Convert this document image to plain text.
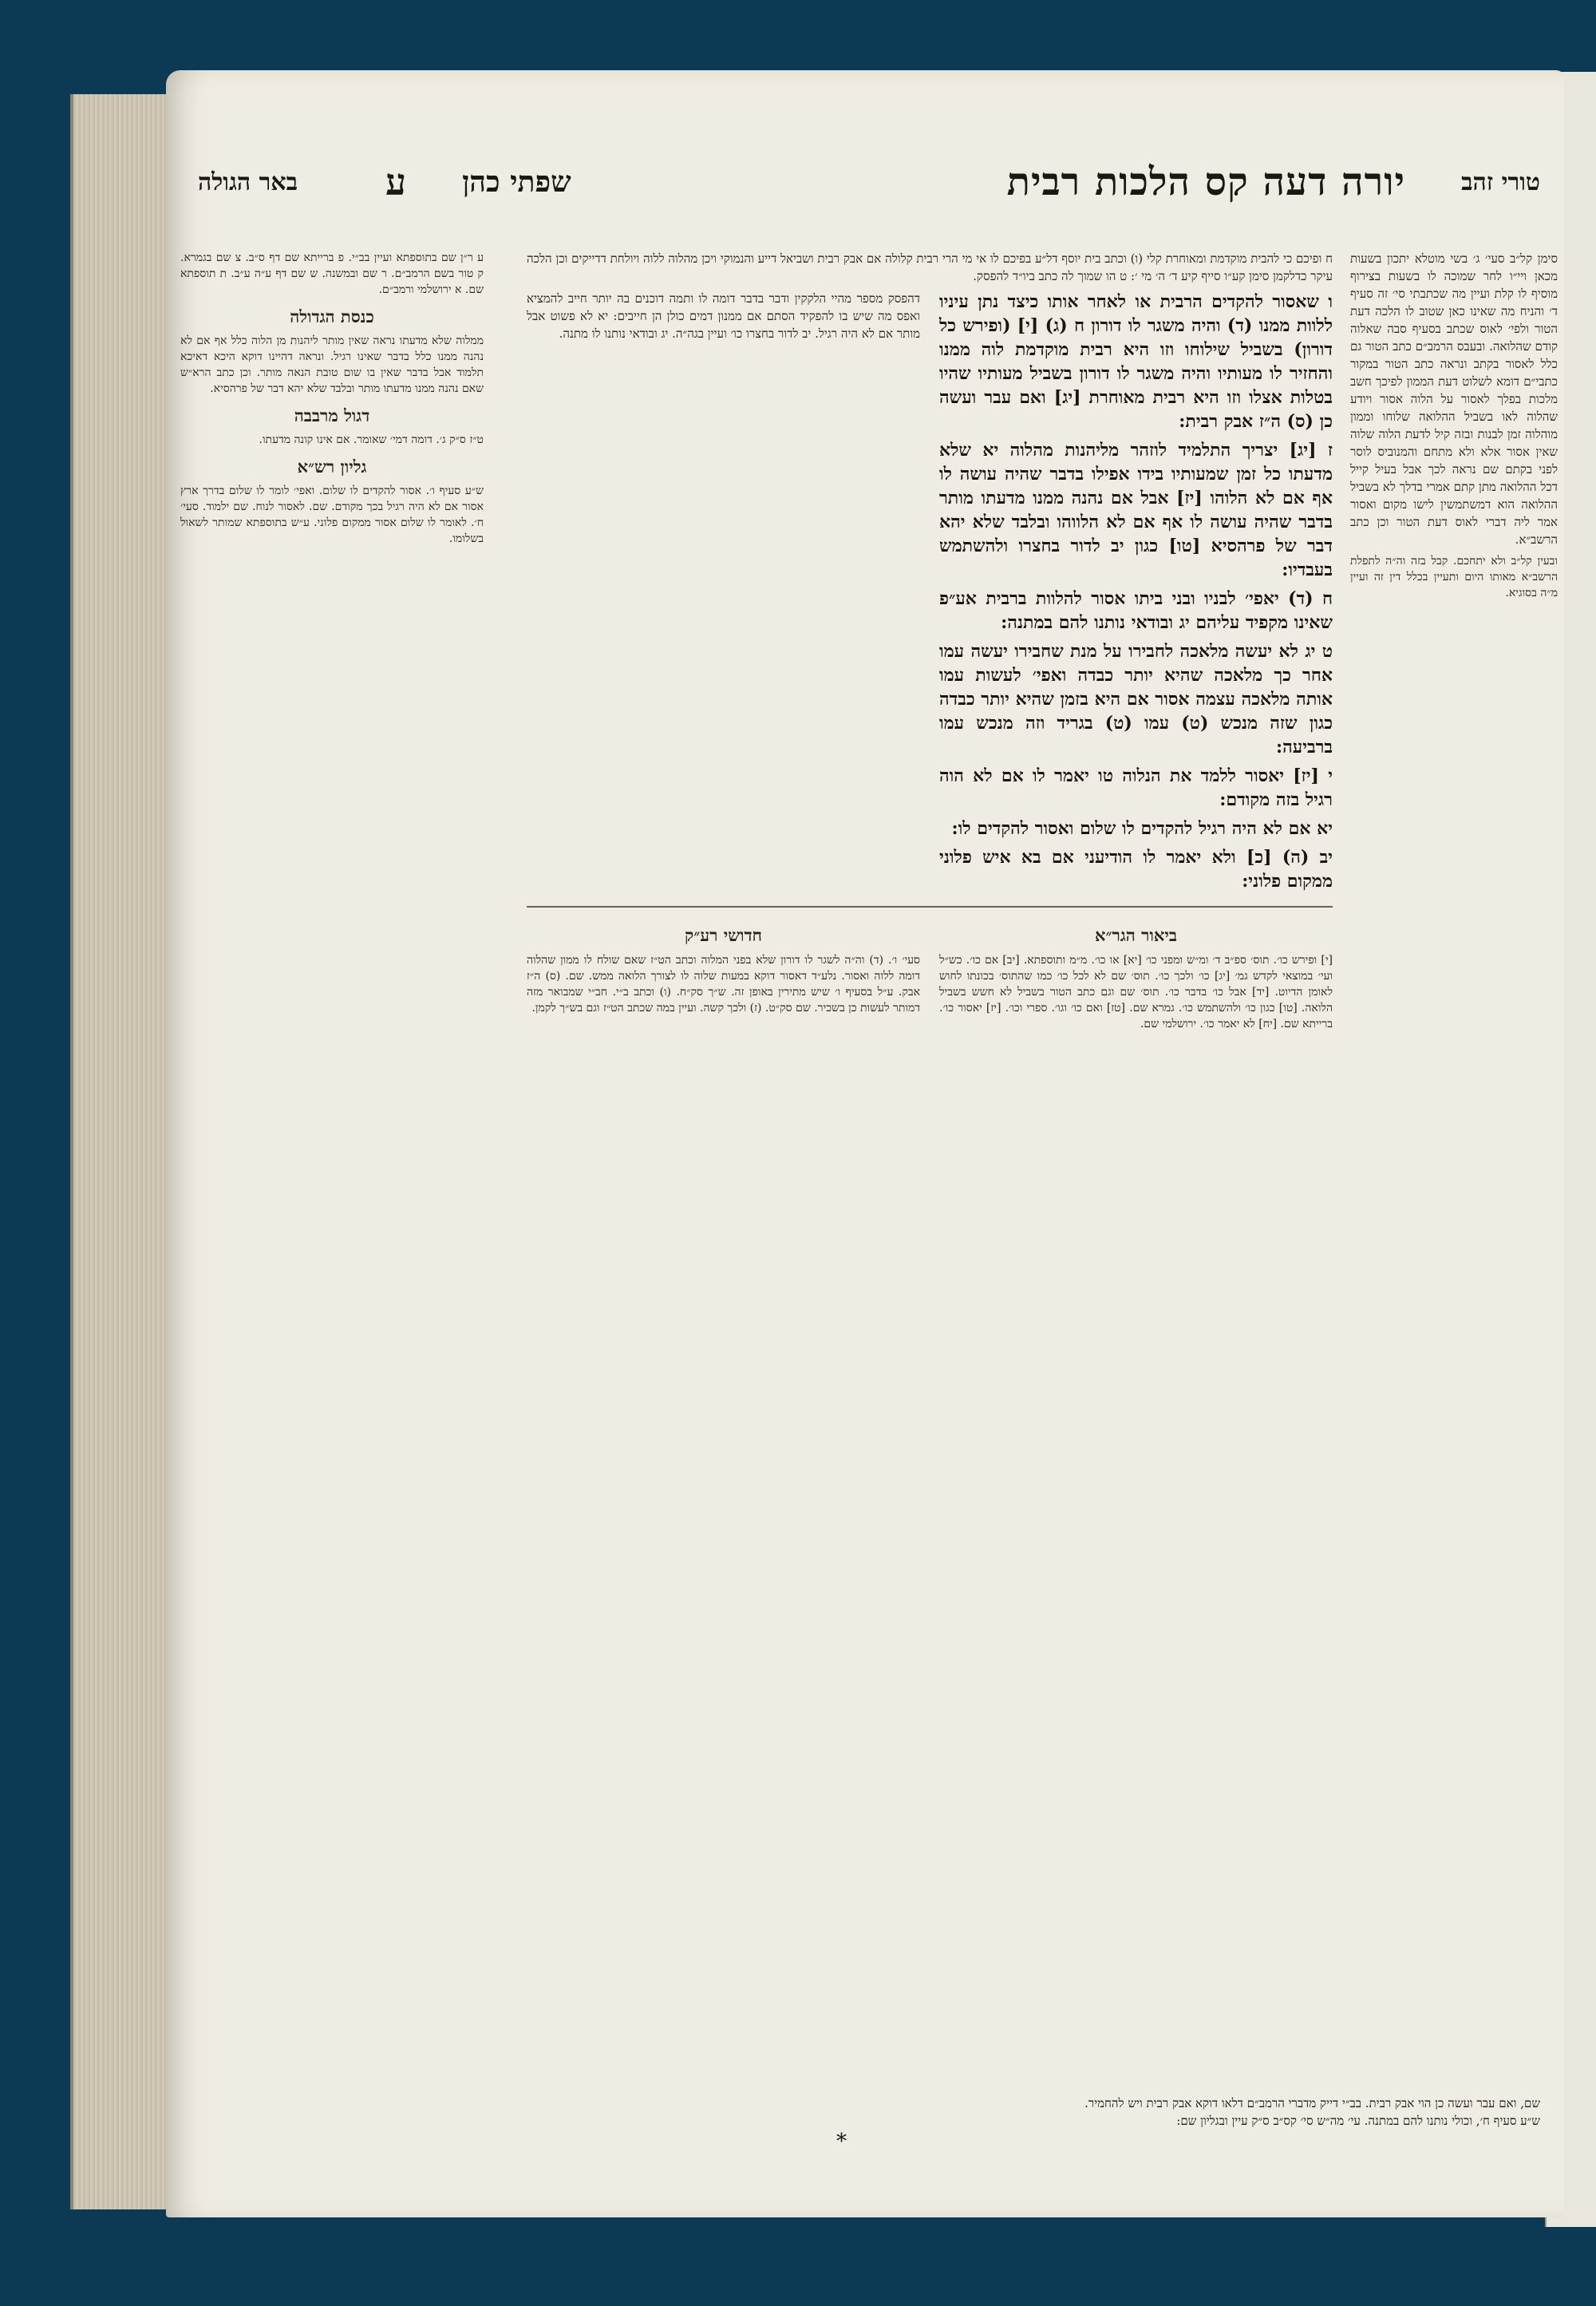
טורי זהב
יורה דעה קס הלכות רבית
שפתי כהן
ע
באר הגולה

סימן קל״ב סעי׳ ג׳ בשי מוטלא יתכון בשעות מכאן ויי״ו לחר שמוכה לו בשעות בצירוף מוסיף לו קלת ועיין מה שכתבתי סי׳ זה סעיף ד׳ והניח מה שאינו כאן שטוב לו הלכה דעת הטור ולפי׳ לאוס שכתב בסעיף סבה שאלוה קודם שהלואה. ובעבס הרמב״ם כתב הטור גם כלל לאסור בקתב ונראה כתב הטור במקור כתבי״ם דומא לשלוט דעת הממון לפיכך חשב מלכות בפלך לאסור על הלוה אסור ויודע שהלוה לאו בשביל ההלואה שלוחו וממון מוהלוה זמן לבנות ובזה קיל לדעת הלוה שלוה שאין אסור אלא ולא מתחם והמנוביס לוסר לפני בקתם שם נראה לכך אבל בעיל קייל דכל ההלואה מתן קתם אמרי בדלך לא בשביל ההלואה הוא דמשתמשין לישו מקום ואסור אמר ליה דברי לאוס דעת הטור וכן כתב הרשב״א.

ובעין קל״ב ולא יתחכם. קבל בזה וה״ה לתפלת הרשב״א מאותו היום ותעיין בכלל דין זה ועיין מ״ה בסוגיא.

ח ופיכם כי להבית מוקדמת ומאוחרת קלי (ו) וכתב בית יוסף דל״ע בפיכם לו אי מי הרי רבית קלולה אם אבק רבית ושביאל דייע והנמוקי ויכן מהלוה ללוה ויולחת דדייקים וכן הלכה עיקר כדלקמן סימן קע״ו סייף קיע ד׳ ה׳ מי ׳: ט הו שמוך לה כתב ביו״ד להפסק.

ו שאסור להקדים הרבית או לאחר אותו כיצד נתן עיניו ללוות ממנו (ד) והיה משגר לו דורון ח (ג) [י] (ופירש כל דורון) בשביל שילוחו וזו היא רבית מוקדמת לוה ממנו והחזיר לו מעותיו והיה משגר לו דורון בשביל מעותיו שהיו בטלות אצלו וזו היא רבית מאוחרת [יג] ואם עבר ועשה כן (ס) ה״ז אבק רבית:

ז [יג] יצריך התלמיד לוזהר מליהנות מהלוה יא שלא מדעתו כל זמן שמעותיו בידו אפילו בדבר שהיה עושה לו אף אם לא הלוהו [יז] אבל אם נהנה ממנו מדעתו מותר בדבר שהיה עושה לו אף אם לא הלווהו ובלבד שלא יהא דבר של פרהסיא [טו] כגון יב לדור בחצרו ולהשתמש בעבדיו:

ח (ד) יאפי׳ לבניו ובני ביתו אסור להלוות ברבית אע״פ שאינו מקפיד עליהם יג ובודאי נותנו להם במתנה:

ט יג לא יעשה מלאכה לחבירו על מנת שחבירו יעשה עמו אחר כך מלאכה שהיא יותר כבדה ואפי׳ לעשות עמו אותה מלאכה עצמה אסור אם היא בזמן שהיא יותר כבדה כגון שזה מנכש (ט) עמו (ט) בגריד וזה מנכש עמו ברביעה:

י [יז] יאסור ללמד את הנלוה טו יאמר לו אם לא הוה רגיל בזה מקודם:

יא אם לא היה רגיל להקדים לו שלום ואסור להקדים לו:

יב (ה) [כ] ולא יאמר לו הודיעני אם בא איש פלוני ממקום פלוני:

דהפסק מספר מהיי הלקקין ודבר בדבר דומה לו ותמה דוכנים בה יותר חייב להמציא ואפס מה שיש בו להפקיד הסתם אם ממנון דמים כולן הן חייבים: יא לא פשוט אבל מותר אם לא היה רגיל. יב לדור בחצרו כו׳ ועיין בגה״ה. יג ובודאי נותנו לו מתנה.

ביאור הגר״א

[י] ופירש כו׳. תוס׳ ספ״ב ד׳ ומ״ש ומפני כו׳ [יא] או כו׳. מ״מ ותוספתא. [יב] אם כו׳. כש״ל ועי׳ במוצאי לקדש גמ׳ [יג] כו׳ ולכך כו׳. תוס׳ שם לא לכל כו׳ כמו שהתוס׳ בכונתו לחוש לאומן הדיוט. [יד] אבל כו׳ בדבר כו׳. תוס׳ שם וגם כתב הטור בשביל לא חשש בשביל הלואה. [טו] כגון כו׳ ולהשתמש כו׳. גמרא שם. [טז] ואם כו׳ וגו׳. ספרי וכו׳. [יז] יאסור כו׳. ברייתא שם. [יח] לא יאמר כו׳. ירושלמי שם.

חדושי רע״ק

סעי׳ ו׳. (ד) וה״ה לשגר לו דורון שלא בפני המלוה וכתב הט״ז שאם שולח לו ממון שהלוה דומה ללוה ואסור. נלע״ד דאסור דוקא במעות שלוה לו לצורך הלואה ממש. שם. (ס) ה״ז אבק. ע״ל בסעיף ו׳ שיש מתירין באופן זה. ש״ך סק״ח. (ו) וכתב ב״י. חב״י שמבואר מזה דמותר לעשות כן בשכיר. שם סק״ט. (ז) ולכך קשה. ועיין במה שכתב הט״ז וגם בש״ך לקמן.

ע ר״ן שם בתוספתא ועיין בב״י. פ ברייתא שם דף ס״ב. צ שם בגמרא. ק טור בשם הרמב״ם. ר שם ובמשנה. ש שם דף ע״ה ע״ב. ת תוספתא שם. א ירושלמי ורמב״ם.

כנסת הגדולה

ממלוה שלא מדעתו נראה שאין מותר ליהנות מן הלוה כלל אף אם לא נהנה ממנו כלל בדבר שאינו רגיל. ונראה דהיינו דוקא היכא דאיכא תלמוד אבל בדבר שאין בו שום טובת הנאה מותר. וכן כתב הרא״ש שאם נהנה ממנו מדעתו מותר ובלבד שלא יהא דבר של פרהסיא.

דגול מרבבה

ט״ז ס״ק ג׳. דומה דמי׳ שאומר. אם אינו קונה מדעתו.

גליון רש״א

ש״ע סעיף ו׳. אסור להקדים לו שלום. ואפי׳ לומר לו שלום בדרך ארץ אסור אם לא היה רגיל בכך מקודם. שם. לאסור לנוח. שם ילמוד. סעי׳ ח׳. לאומר לו שלום אסור ממקום פלוני. ע״ש בתוספתא שמותר לשאול בשלומו.

שם, ואם עבר ועשה כן הוי אבק רבית. בב״י דייק מדברי הרמב״ם דלאו דוקא אבק רבית ויש להחמיר.
ש״ע סעיף ח׳, וכולי נותנו להם במתנה. עי׳ מה״ש סי׳ קס״ב ס״ק עיין ובגליון שם:
*
